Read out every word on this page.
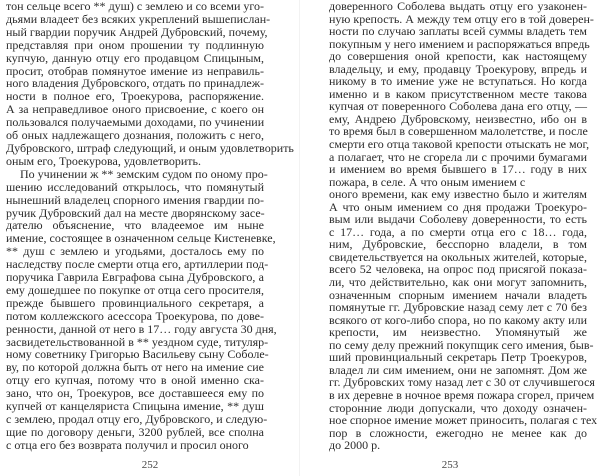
тон сельце всего ** душ) с землею и со всеми уго-
дьями владеет без всяких укреплений вышепислан-
ный гвардии поручик Андрей Дубровский, почему,
представляя при оном прошении ту подлинную
купчую, данную отцу его продавцом Спицыным,
просит, отобрав помянутое имение из неправиль-
ного владения Дубровского, отдать по принадлеж-
ности в полное его, Троекурова, распоряжение.
А за неправедливое оного присвоение, с коего он
пользовался получаемыми доходами, по учинении
об оных надлежащего дознания, положить с него,
Дубровского, штраф следующий, и оным удовлетворить
оным его, Троекурова, удовлетворить.
По учинении ж ** земским судом по оному про-
шению исследований открылось, что помянутый
нынешний владелец спорного имения гвардии по-
ручик Дубровский дал на месте дворянскому засе-
дателю объяснение, что владеемое им ныне
имение, состоящее в означенном сельце Кистеневке,
** душ с землею и угодьями, досталось ему по
наследству после смерти отца его, артиллерии под-
поручика Гаврила Евграфова сына Дубровского, а
ему дошедшее по покупке от отца сего просителя,
прежде бывшего провинциального секретаря, а
потом коллежского асессора Троекурова, по дове-
ренности, данной от него в 17… году августа 30 дня,
засвидетельствованной в ** уездном суде, титуляр-
ному советнику Григорью Васильеву сыну Соболе-
ву, по которой должна быть от него на имение сие
отцу его купчая, потому что в оной именно ска-
зано, что он, Троекуров, все доставшееся ему по
купчей от канцеляриста Спицына имение, ** душ
с землею, продал отцу его, Дубровского, и следую-
щие по договору деньги, 3200 рублей, все сполна
с отца его без возврата получил и просил оного
252
доверенного Соболева выдать отцу его узаконен-
ную крепость. А между тем отцу его в той доверен-
ности по случаю заплаты всей суммы владеть тем
покупным у него имением и распоряжаться впредь
до совершения оной крепости, как настоящему
владельцу, и ему, продавцу Троекурову, впредь и
никому в то имение уже не вступаться. Но когда
именно и в каком присутственном месте такова
купчая от поверенного Соболева дана его отцу, —
ему, Андрею Дубровскому, неизвестно, ибо он в
то время был в совершенном малолетстве, и после
смерти его отца таковой крепости отыскать не мог,
а полагает, что не сгорела ли с прочими бумагами
и имением во время бывшего в 17… году в них
пожара, в селе. А что оным имением с
оного времени, как ему известно было и жителям
А что оным имением со дня продажи Троекуро-
вым или выдачи Соболеву доверенности, то есть
с 17… года, а по смерти отца его с 18… года,
ним, Дубровские, бесспорно владели, в том
свидетельствуется на окольных жителей, которые,
всего 52 человека, на опрос под присягой показа-
ли, что действительно, как они могут запомнить,
означенным спорным имением начали владеть
помянутые гг. Дубровские назад сему лет с 70 без
всякого от кого-либо спора, но по какому акту или
крепости, им неизвестно. Упомянутый же
по сему делу прежний покупщик сего имения, быв-
ший провинциальный секретарь Петр Троекуров,
владел ли сим имением, они не запомнят. Дом же
гг. Дубровских тому назад лет с 30 от случившегося
в их деревне в ночное время пожара сгорел, причем
сторонние люди допускали, что доходу означен-
ное спорное имение может приносить, полагая с тех
пор в сложности, ежегодно не менее как до
до 2000 р.
253
